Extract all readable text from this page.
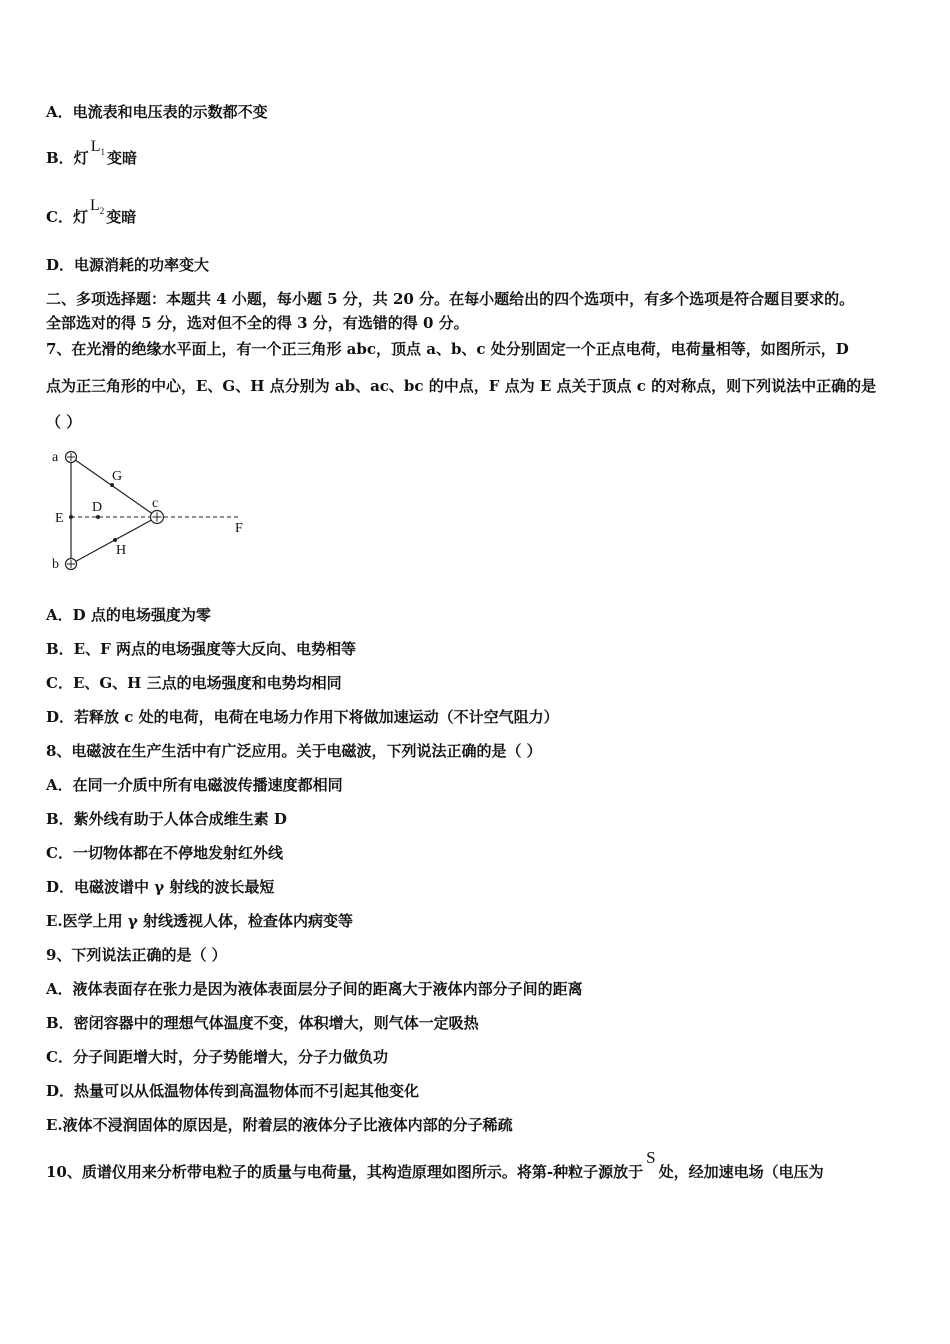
A．电流表和电压表的示数都不变
B．灯$L_1$ 变暗
C．灯$L_2$ 变暗
D．电源消耗的功率变大
二、多项选择题：本题共 4 小题，每小题 5 分，共 20 分。在每小题给出的四个选项中，有多个选项是符合题目要求的。
全部选对的得 5 分，选对但不全的得 3 分，有选错的得 0 分。
7、在光滑的绝缘水平面上，有一个正三角形 abc，顶点 a、b、c 处分别固定一个正点电荷，电荷量相等，如图所示，D
点为正三角形的中心，E、G、H 点分别为 ab、ac、bc 的中点，F 点为 E 点关于顶点 c 的对称点，则下列说法中正确的是
（ ）
a
b
c
D
E
F
G
H
A．D 点的电场强度为零
B．E、F 两点的电场强度等大反向、电势相等
C．E、G、H 三点的电场强度和电势均相同
D．若释放 c 处的电荷，电荷在电场力作用下将做加速运动（不计空气阻力）
8、电磁波在生产生活中有广泛应用。关于电磁波，下列说法正确的是（ ）
A．在同一介质中所有电磁波传播速度都相同
B．紫外线有助于人体合成维生素 D
C．一切物体都在不停地发射红外线
D．电磁波谱中 γ 射线的波长最短
E.医学上用 γ 射线透视人体，检查体内病变等
9、下列说法正确的是（ ）
A．液体表面存在张力是因为液体表面层分子间的距离大于液体内部分子间的距离
B．密闭容器中的理想气体温度不变，体积增大，则气体一定吸热
C．分子间距增大时，分子势能增大，分子力做负功
D．热量可以从低温物体传到高温物体而不引起其他变化
E.液体不浸润固体的原因是，附着层的液体分子比液体内部的分子稀疏
10、质谱仪用来分析带电粒子的质量与电荷量，其构造原理如图所示。将第-种粒子源放于S处，经加速电场（电压为
